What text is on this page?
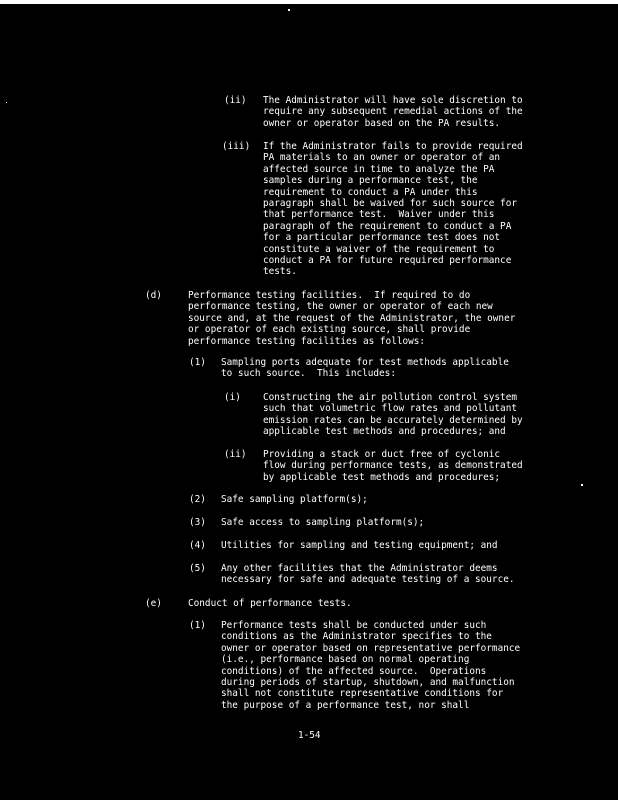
(ii) The Administrator will have sole discretion to
require any subsequent remedial actions of the
owner or operator based on the PA results.
(iii) If the Administrator fails to provide required
PA materials to an owner or operator of an
affected source in time to analyze the PA
samples during a performance test, the
requirement to conduct a PA under this
paragraph shall be waived for such source for
that performance test.  Waiver under this
paragraph of the requirement to conduct a PA
for a particular performance test does not
constitute a waiver of the requirement to
conduct a PA for future required performance
tests.
(d)	Performance testing facilities.  If required to do
performance testing, the owner or operator of each new
source and, at the request of the Administrator, the owner
or operator of each existing source, shall provide
performance testing facilities as follows:
(1) Sampling ports adequate for test methods applicable
to such source.  This includes:
(i) Constructing the air pollution control system
such that volumetric flow rates and pollutant
emission rates can be accurately determined by
applicable test methods and procedures; and
(ii) Providing a stack or duct free of cyclonic
flow during performance tests, as demonstrated
by applicable test methods and procedures;
(2) Safe sampling platform(s);
(3) Safe access to sampling platform(s);
(4) Utilities for sampling and testing equipment; and
(5) Any other facilities that the Administrator deems
necessary for safe and adequate testing of a source.
(e)	Conduct of performance tests.
(1) Performance tests shall be conducted under such
conditions as the Administrator specifies to the
owner or operator based on representative performance
(i.e., performance based on normal operating
conditions) of the affected source.  Operations
during periods of startup, shutdown, and malfunction
shall not constitute representative conditions for
the purpose of a performance test, nor shall
1-54
